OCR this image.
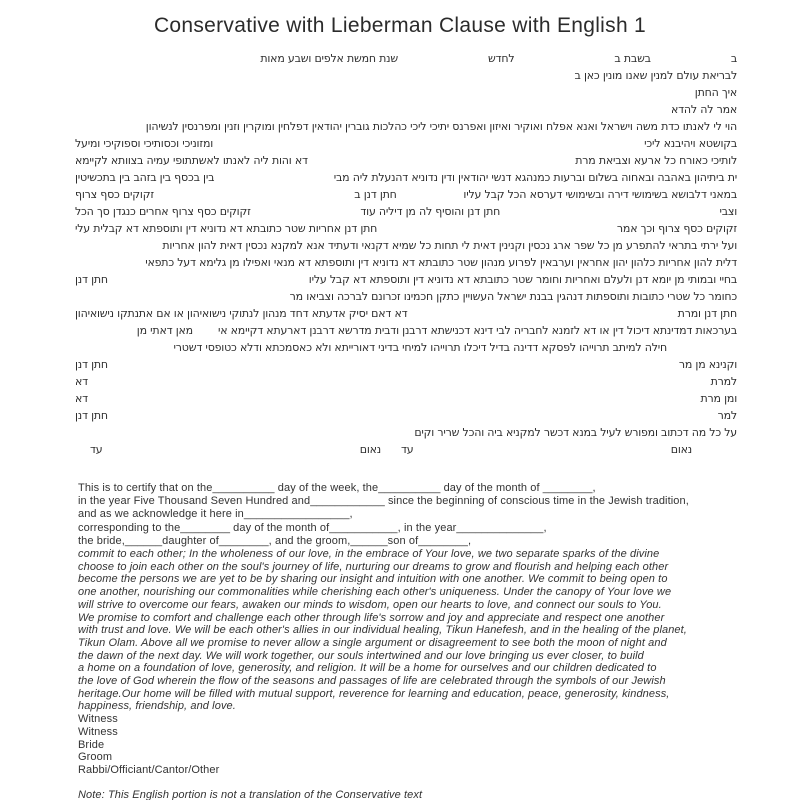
Conservative with Lieberman Clause with English 1
ב
בשבת ב
לחדש
שנת חמשת אלפים ושבע מאות
לבריאת עולם למנין שאנו מונין כאן ב
איך החתן
אמר לה להדא
הוי לי לאנתו כדת משה וישראל ואנא אפלח ואוקיר ואיזון ואפרנס יתיכי ליכי כהלכות גוברין יהודאין דפלחין ומוקרין וזנין ומפרנסין לנשיהון
בקושטא ויהיבנא ליכי
ומזוניכי וכסותיכי וספוקיכי ומיעל
לותיכי כאורח כל ארעא וצביאת מרת
דא והות ליה לאנתו לאשתתופי עמיה בצוותא לקיימא
ית ביתיהון באהבה ובאחוה בשלום וברעות כמנהגא דנשי יהודאין ודין נדוניא דהנעלת ליה מבי
בין בכסף בין בזהב בין בתכשיטין
במאני דלבושא בשימושי דירה ובשימושי דערסא הכל קבל עליו
חתן דנן ב
זקוקים כסף צרוף
וצבי
חתן דנן והוסיף לה מן דיליה עוד
זקוקים כסף צרוף אחרים כנגדן סך הכל
זקוקים כסף צרוף וכך אמר
חתן דנן אחריות שטר כתובתא דא נדוניא דין ותוספתא דא קבלית עלי
ועל ירתי בתראי להתפרע מן כל שפר ארג נכסין וקנינין דאית לי תחות כל שמיא דקנאי ודעתיד אנא למקנא נכסין דאית להון אחריות
דלית להון אחריות כלהון יהון אחראין וערבאין לפרוע מנהון שטר כתובתא דא נדוניא דין ותוספתא דא מנאי ואפילו מן גלימא דעל כתפאי
בחיי ובמותי מן יומא דנן ולעלם ואחריות וחומר שטר כתובתא דא נדוניא דין ותוספתא דא קבל עליו
חתן דנן
כחומר כל שטרי כתובות ותוספתות דנהגין בבנת ישראל העשויין כתקן חכמינו זכרונם לברכה וצביאו מר
חתן דנן ומרת
דא דאם יסיק אדעתא דחד מנהון לנתוקי נישואיהון או אם אתנתקו נישואיהון
בערכאות דמדינתא דיכול דין או דא לזמנא לחבריה לבי דינא דכנישתא דרבנן ודבית מדרשא דרבנן דארעתא דקיימא אי
מאן דאתי מן
חילה למיתב תרוייהו לפסקא דדינה בדיל דיכלו תרוייהו למיחי בדיני דאורייתא ולא כאסמכתא ודלא כטופסי דשטרי
וקנינא מן מר
חתן דנן
למרת
דא
ומן מרת
דא
למר
חתן דנן
על כל מה דכתוב ומפורש לעיל במנא דכשר למקניא ביה והכל שריר וקים
נאום
עד
נאום
עד
This is to certify that on the__________ day of the week, the__________ day of the month of ________,
in the year Five Thousand Seven Hundred and____________ since the beginning of conscious time in the Jewish tradition,
and as we acknowledge it here in_________________,
corresponding to the________ day of the month of___________, in the year______________,
the bride,______daughter of________, and the groom,______son of________,
commit to each other; In the wholeness of our love, in the embrace of Your love, we two separate sparks of the divine
choose to join each other on the soul's journey of life, nurturing our dreams to grow and flourish and helping each other
become the persons we are yet to be by sharing our insight and intuition with one another. We commit to being open to
one another, nourishing our commonalities while cherishing each other's uniqueness. Under the canopy of Your love we
will strive to overcome our fears, awaken our minds to wisdom, open our hearts to love, and connect our souls to You.
We promise to comfort and challenge each other through life's sorrow and joy and appreciate and respect one another
with trust and love. We will be each other's allies in our individual healing, Tikun Hanefesh, and in the healing of the planet,
Tikun Olam. Above all we promise to never allow a single argument or disagreement to see both the moon of night and
the dawn of the next day. We will work together, our souls intertwined and our love bringing us ever closer, to build
a home on a foundation of love, generosity, and religion. It will be a home for ourselves and our children dedicated to
the love of God wherein the flow of the seasons and passages of life are celebrated through the symbols of our Jewish
heritage.Our home will be filled with mutual support, reverence for learning and education, peace, generosity, kindness,
happiness, friendship, and love.
Witness
Witness
Bride
Groom
Rabbi/Officiant/Cantor/Other

Note: This English portion is not a translation of the Conservative text
